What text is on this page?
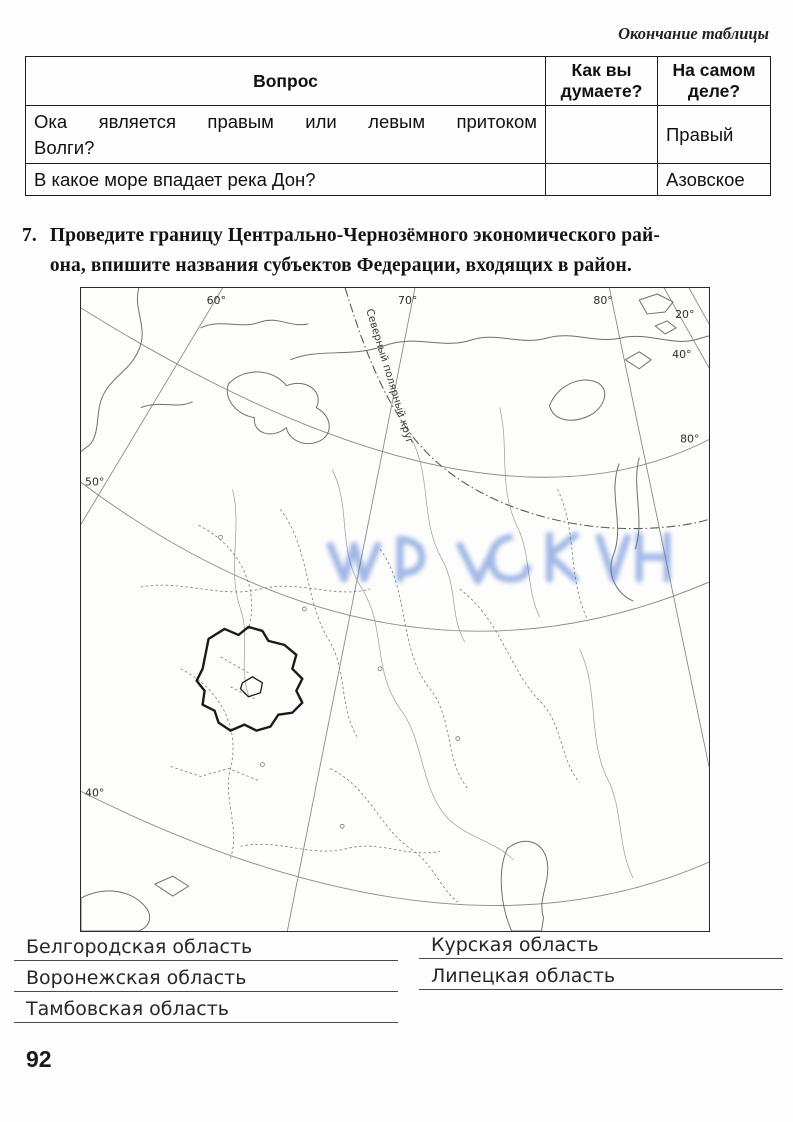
Окончание таблицы
Вопрос	Как вы думаете?	На самом деле?
Ока является правым или левым притоком Волги?		Правый
В какое море впадает река Дон?		Азовское
7. Проведите границу Центрально-Чернозёмного экономического рай-
она, впишите названия субъектов Федерации, входящих в район.
60°	70°	80°
20°
40°
80°
50°
40°
Северный полярный круг
Белгородская область
Воронежская область
Тамбовская область
Курская область
Липецкая область
92
